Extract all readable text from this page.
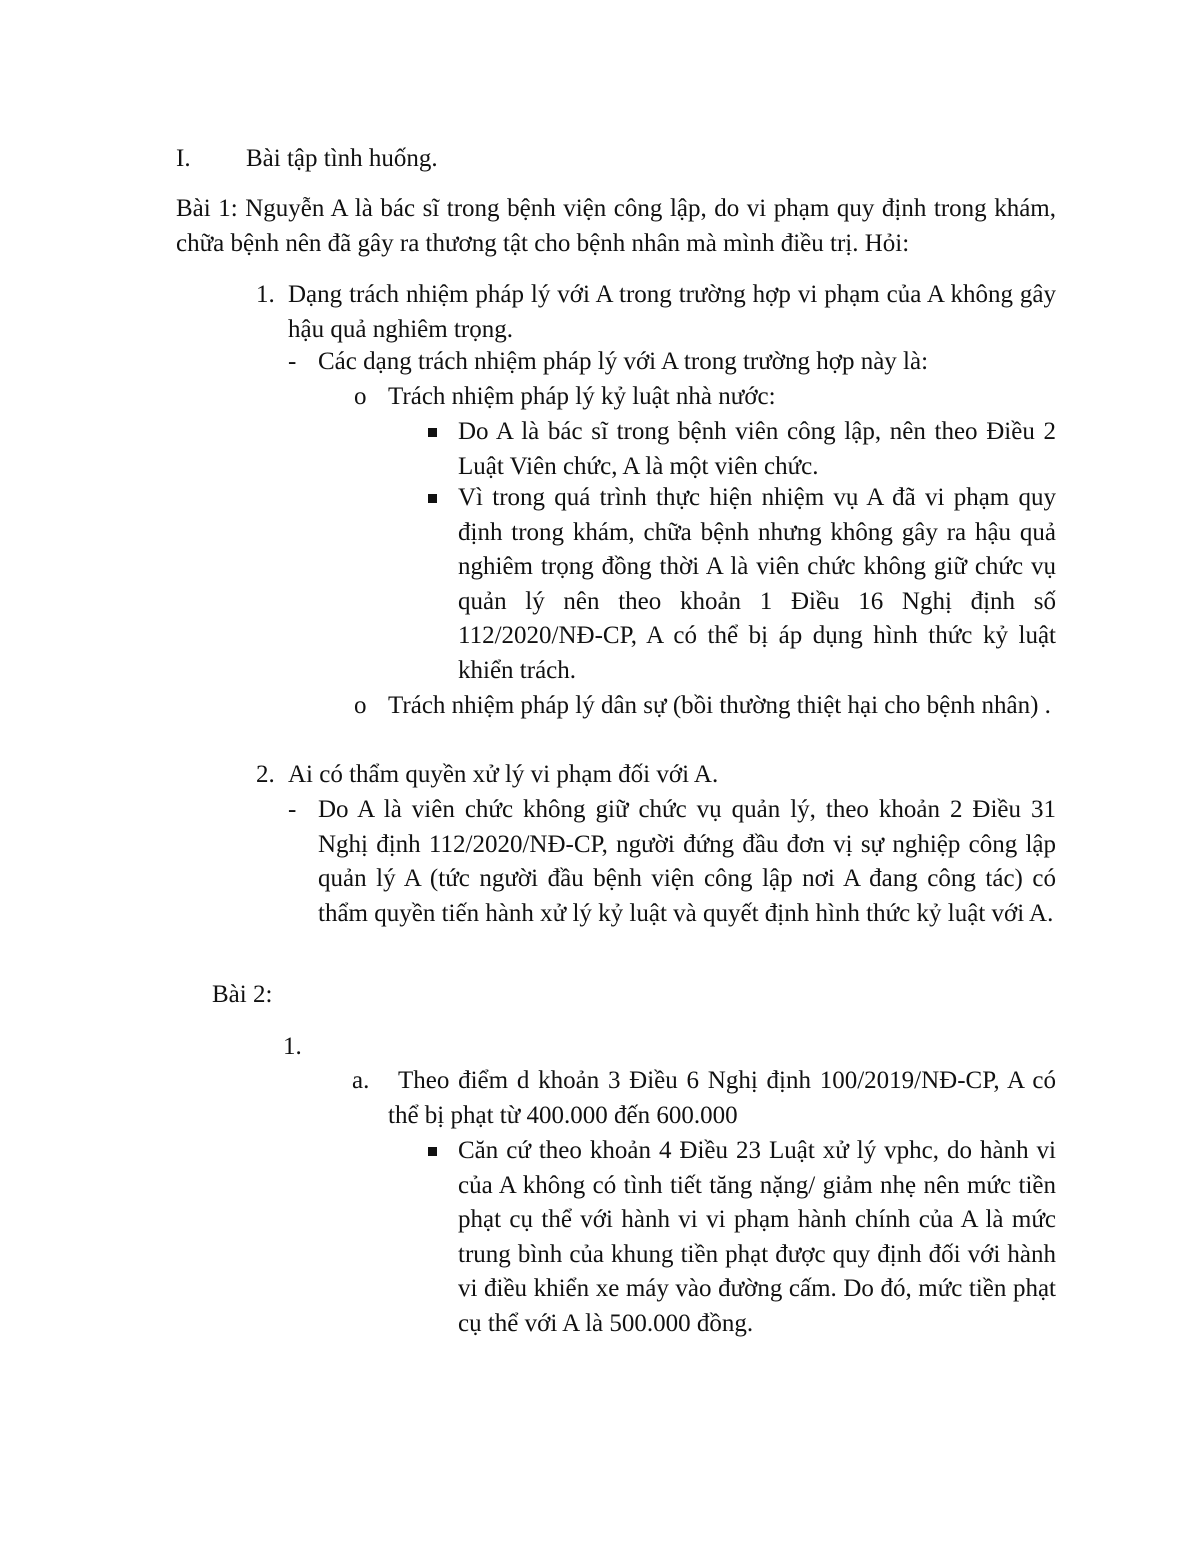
I. Bài tập tình huống.
Bài 1: Nguyễn A là bác sĩ trong bệnh viện công lập, do vi phạm quy định trong khám, chữa bệnh nên đã gây ra thương tật cho bệnh nhân mà mình điều trị. Hỏi:
1. Dạng trách nhiệm pháp lý với A trong trường hợp vi phạm của A không gây hậu quả nghiêm trọng.
- Các dạng trách nhiệm pháp lý với A trong trường hợp này là:
o Trách nhiệm pháp lý kỷ luật nhà nước:
Do A là bác sĩ trong bệnh viên công lập, nên theo Điều 2 Luật Viên chức, A là một viên chức.
Vì trong quá trình thực hiện nhiệm vụ A đã vi phạm quy định trong khám, chữa bệnh nhưng không gây ra hậu quả nghiêm trọng đồng thời A là viên chức không giữ chức vụ quản lý nên theo khoản 1 Điều 16 Nghị định số 112/2020/NĐ-CP, A có thể bị áp dụng hình thức kỷ luật khiển trách.
o Trách nhiệm pháp lý dân sự (bồi thường thiệt hại cho bệnh nhân) .
2. Ai có thẩm quyền xử lý vi phạm đối với A.
- Do A là viên chức không giữ chức vụ quản lý, theo khoản 2 Điều 31 Nghị định 112/2020/NĐ-CP, người đứng đầu đơn vị sự nghiệp công lập quản lý A (tức người đầu bệnh viện công lập nơi A đang công tác) có thẩm quyền tiến hành xử lý kỷ luật và quyết định hình thức kỷ luật với A.
Bài 2:
1.
a.	Theo điểm d khoản 3 Điều 6 Nghị định 100/2019/NĐ-CP, A có thể bị phạt từ 400.000 đến 600.000
Căn cứ theo khoản 4 Điều 23 Luật xử lý vphc, do hành vi của A không có tình tiết tăng nặng/ giảm nhẹ nên mức tiền phạt cụ thể với hành vi vi phạm hành chính của A là mức trung bình của khung tiền phạt được quy định đối với hành vi điều khiển xe máy vào đường cấm. Do đó, mức tiền phạt cụ thể với A là 500.000 đồng.
